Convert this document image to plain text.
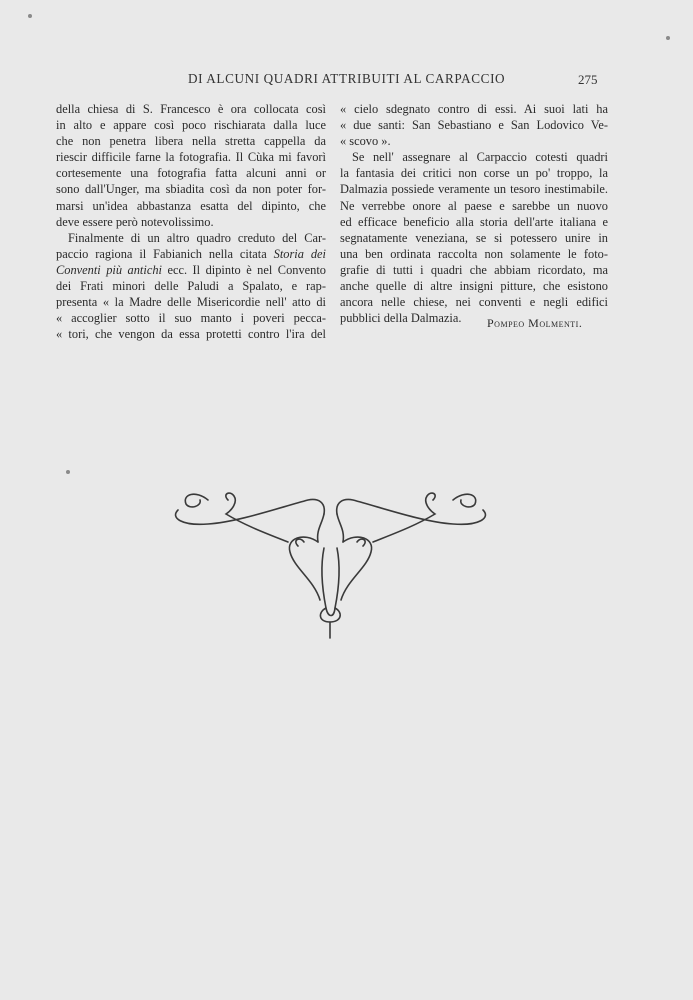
DI ALCUNI QUADRI ATTRIBUITI AL CARPACCIO	275
della chiesa di S. Francesco è ora collocata così
in alto e appare così poco rischiarata dalla luce
che non penetra libera nella stretta cappella da
riescir difficile farne la fotografia. Il Cùka mi favorì
cortesemente una fotografia fatta alcuni anni or
sono dall'Unger, ma sbiadita così da non poter for-
marsi un'idea abbastanza esatta del dipinto, che
deve essere però notevolissimo.
Finalmente di un altro quadro creduto del Car-
paccio ragiona il Fabianich nella citata Storia dei
Conventi più antichi ecc. Il dipinto è nel Convento
dei Frati minori delle Paludi a Spalato, e rap-
presenta « la Madre delle Misericordie nell' atto di
« accoglier sotto il suo manto i poveri pecca-
« tori, che vengon da essa protetti contro l'ira del
« cielo sdegnato contro di essi. Ai suoi lati ha
« due santi: San Sebastiano e San Lodovico Ve-
« scovo ».
Se nell' assegnare al Carpaccio cotesti quadri
la fantasia dei critici non corse un po' troppo, la
Dalmazia possiede veramente un tesoro inestimabile.
Ne verrebbe onore al paese e sarebbe un nuovo
ed efficace beneficio alla storia dell'arte italiana e
segnatamente veneziana, se si potessero unire in
una ben ordinata raccolta non solamente le foto-
grafie di tutti i quadri che abbiam ricordato, ma
anche quelle di altre insigni pitture, che esistono
ancora nelle chiese, nei conventi e negli edifici
pubblici della Dalmazia.	Pompeo Molmenti.
